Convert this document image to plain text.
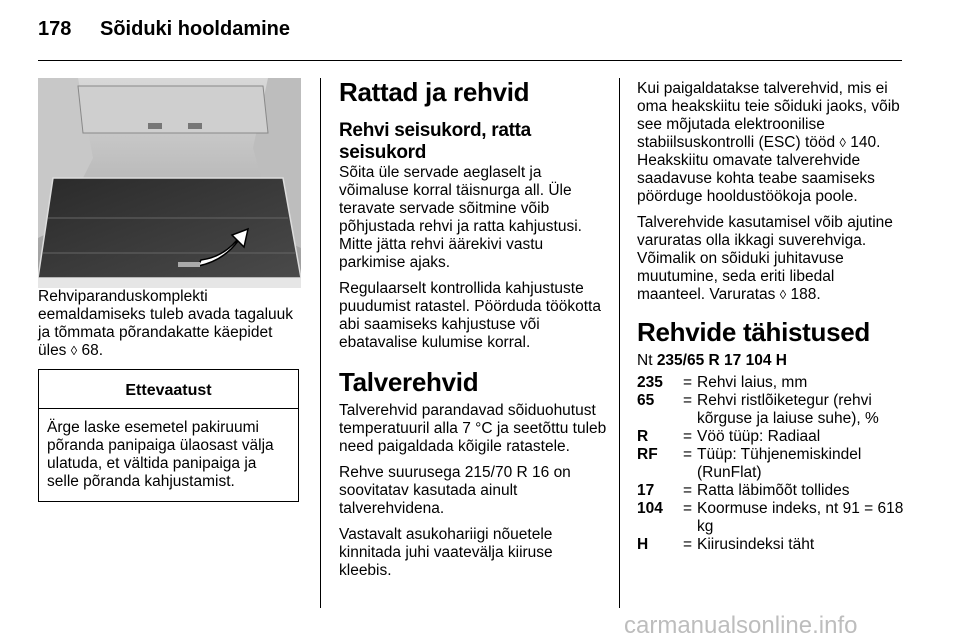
178 Sõiduki hooldamine

Rehviparanduskomplekti eemaldamiseks tuleb avada tagaluuk ja tõmmata põrandakatte käepidet üles ◊ 68.

Ettevaatust
Ärge laske esemetel pakiruumi põranda panipaiga ülaosast välja ulatuda, et vältida panipaiga ja selle põranda kahjustamist.
Rattad ja rehvid
Rehvi seisukord, ratta seisukord

Sõita üle servade aeglaselt ja võimaluse korral täisnurga all. Üle teravate servade sõitmine võib põhjustada rehvi ja ratta kahjustusi. Mitte jätta rehvi äärekivi vastu parkimise ajaks.

Regulaarselt kontrollida kahjustuste puudumist ratastel. Pöörduda töökotta abi saamiseks kahjustuse või ebatavalise kulumise korral.

Talverehvid

Talverehvid parandavad sõiduohutust temperatuuril alla 7 °C ja seetõttu tuleb need paigaldada kõigile ratastele.

Rehve suurusega 215/70 R 16 on soovitatav kasutada ainult talverehvidena.

Vastavalt asukohariigi nõuetele kinnitada juhi vaatevälja kiiruse kleebis.

Kui paigaldatakse talverehvid, mis ei oma heakskiitu teie sõiduki jaoks, võib see mõjutada elektroonilise stabiilsuskontrolli (ESC) tööd ◊ 140. Heakskiitu omavate talverehvide saadavuse kohta teabe saamiseks pöörduge hooldustöökoja poole.

Talverehvide kasutamisel võib ajutine varuratas olla ikkagi suverehviga. Võimalik on sõiduki juhitavuse muutumine, seda eriti libedal maanteel. Varuratas ◊ 188.

Rehvide tähistused

Nt 235/65 R 17 104 H

235	=	Rehvi laius, mm
65	=	Rehvi ristlõiketegur (rehvi kõrguse ja laiuse suhe), %
R	=	Vöö tüüp: Radiaal
RF	=	Tüüp: Tühjenemiskindel (RunFlat)
17	=	Ratta läbimõõt tollides
104	=	Koormuse indeks, nt 91 = 618 kg
H	=	Kiirusindeksi täht
carmanualsonline.info
